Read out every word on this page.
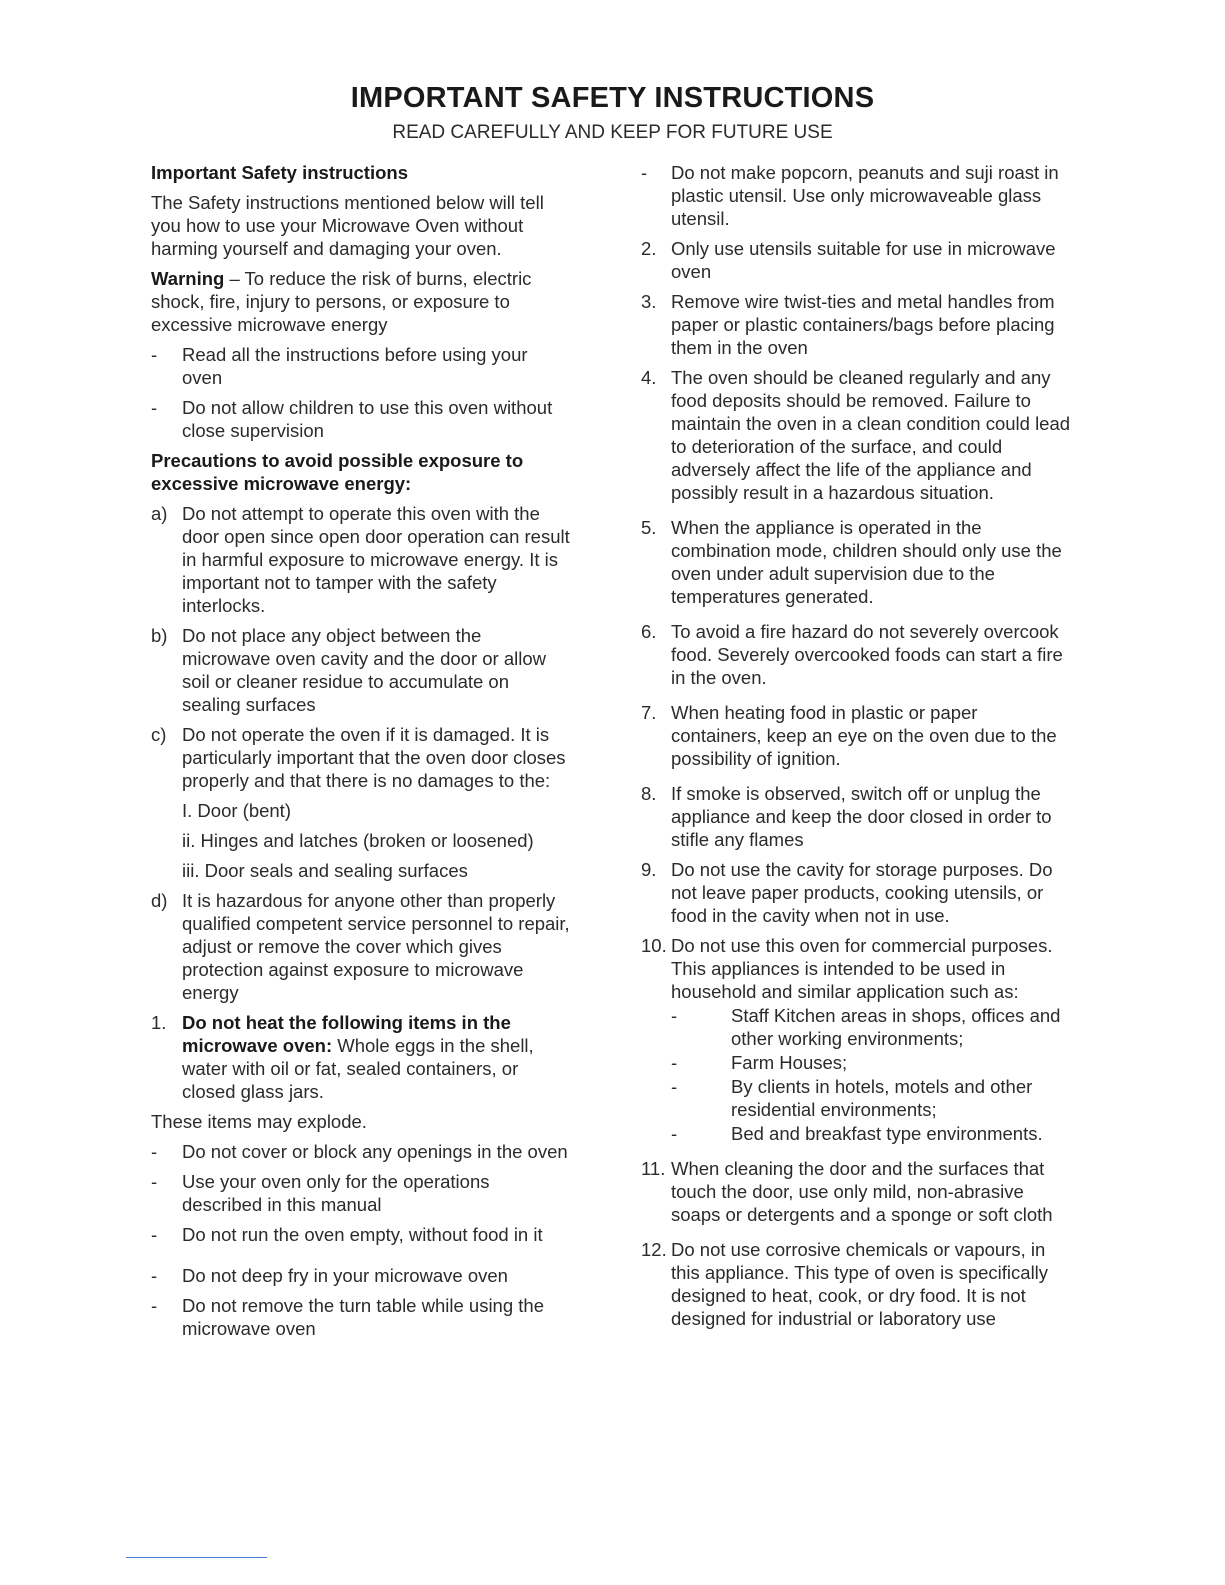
IMPORTANT SAFETY INSTRUCTIONS
READ CAREFULLY AND KEEP FOR FUTURE USE

Important Safety instructions

The Safety instructions mentioned below will tell you how to use your Microwave Oven without harming yourself and damaging your oven.

Warning – To reduce the risk of burns, electric shock, fire, injury to persons, or exposure to excessive microwave energy

- Read all the instructions before using your oven
- Do not allow children to use this oven without close supervision

Precautions to avoid possible exposure to excessive microwave energy:

a) Do not attempt to operate this oven with the door open since open door operation can result in harmful exposure to microwave energy. It is important not to tamper with the safety interlocks.
b) Do not place any object between the microwave oven cavity and the door or allow soil or cleaner residue to accumulate on sealing surfaces
c) Do not operate the oven if it is damaged. It is particularly important that the oven door closes properly and that there is no damages to the:
I. Door (bent)
ii. Hinges and latches (broken or loosened)
iii. Door seals and sealing surfaces
d) It is hazardous for anyone other than properly qualified competent service personnel to repair, adjust or remove the cover which gives protection against exposure to microwave energy
1. Do not heat the following items in the microwave oven: Whole eggs in the shell, water with oil or fat, sealed containers, or closed glass jars.

These items may explode.

- Do not cover or block any openings in the oven
- Use your oven only for the operations described in this manual
- Do not run the oven empty, without food in it
- Do not deep fry in your microwave oven
- Do not remove the turn table while using the microwave oven
- Do not make popcorn, peanuts and suji roast in plastic utensil. Use only microwaveable glass utensil.
2. Only use utensils suitable for use in microwave oven
3. Remove wire twist-ties and metal handles from paper or plastic containers/bags before placing them in the oven
4. The oven should be cleaned regularly and any food deposits should be removed. Failure to maintain the oven in a clean condition could lead to deterioration of the surface, and could adversely affect the life of the appliance and possibly result in a hazardous situation.
5. When the appliance is operated in the combination mode, children should only use the oven under adult supervision due to the temperatures generated.
6. To avoid a fire hazard do not severely overcook food. Severely overcooked foods can start a fire in the oven.
7. When heating food in plastic or paper containers, keep an eye on the oven due to the possibility of ignition.
8. If smoke is observed, switch off or unplug the appliance and keep the door closed in order to stifle any flames
9. Do not use the cavity for storage purposes. Do not leave paper products, cooking utensils, or food in the cavity when not in use.
10. Do not use this oven for commercial purposes. This appliances is intended to be used in household and similar application such as:
-	Staff Kitchen areas in shops, offices and other working environments;
-	Farm Houses;
-	By clients in hotels, motels and other residential environments;
-	Bed and breakfast type environments.
11. When cleaning the door and the surfaces that touch the door, use only mild, non-abrasive soaps or detergents and a sponge or soft cloth
12. Do not use corrosive chemicals or vapours, in this appliance. This type of oven is specifically designed to heat, cook, or dry food. It is not designed for industrial or laboratory use
